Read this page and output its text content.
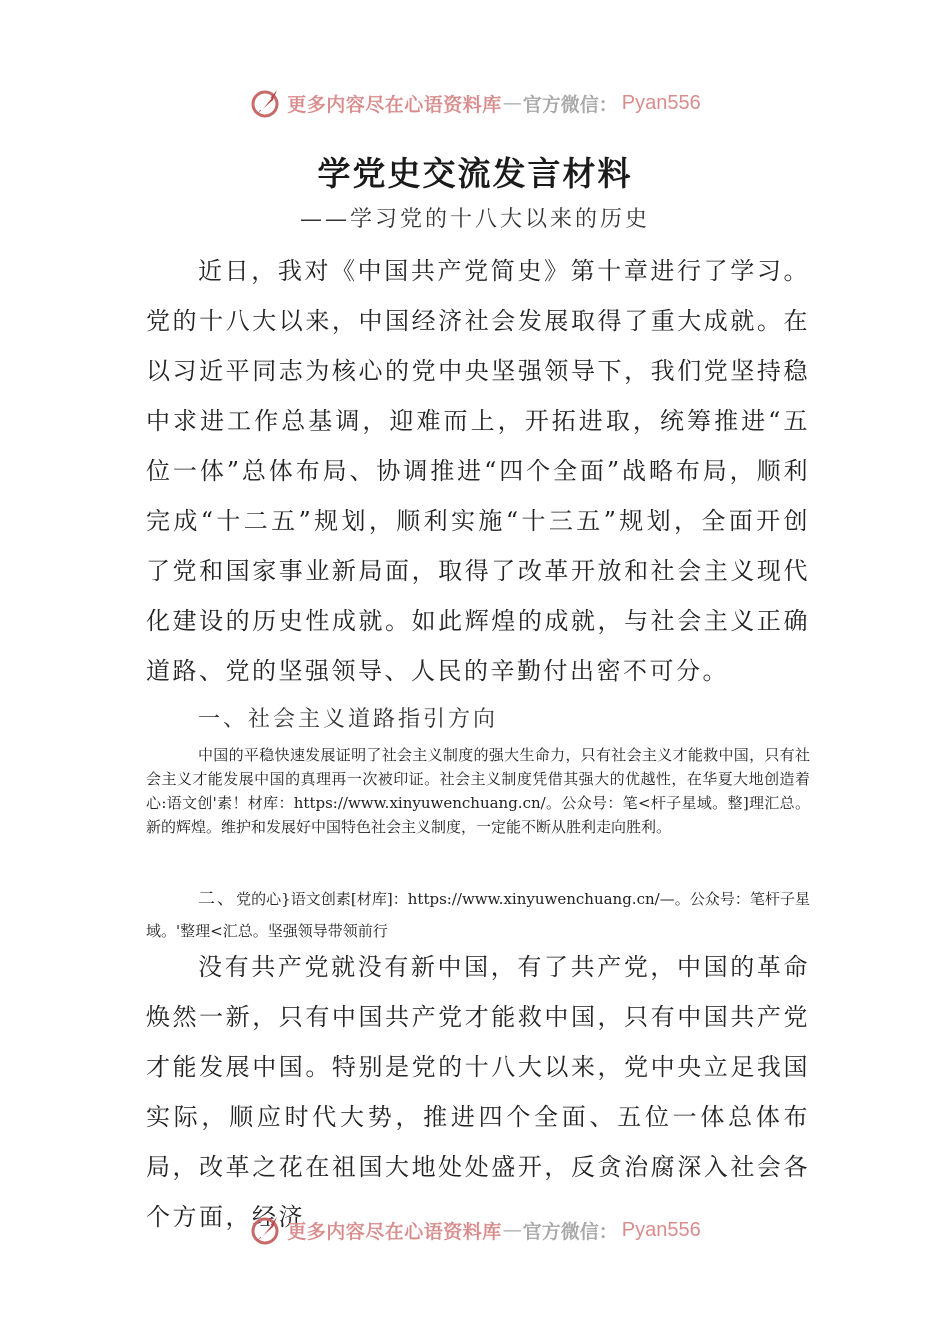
更多内容尽在心语资料库 — 官方微信： Pyan556
学党史交流发言材料
——学习党的十八大以来的历史

近日，我对《中国共产党简史》第十章进行了学习。党的十八大以来，中国经济社会发展取得了重大成就。在以习近平同志为核心的党中央坚强领导下，我们党坚持稳中求进工作总基调，迎难而上，开拓进取，统筹推进“五位一体”总体布局、协调推进“四个全面”战略布局，顺利完成“十二五”规划，顺利实施“十三五”规划，全面开创了党和国家事业新局面，取得了改革开放和社会主义现代化建设的历史性成就。如此辉煌的成就，与社会主义正确道路、党的坚强领导、人民的辛勤付出密不可分。

一、社会主义道路指引方向

中国的平稳快速发展证明了社会主义制度的强大生命力，只有社会主义才能救中国，只有社会主义才能发展中国的真理再一次被印证。社会主义制度凭借其强大的优越性，在华夏大地创造着心:语文创'素！材库：https://www.xinyuwenchuang.cn/。公众号：笔<杆子星域。整]理汇总。新的辉煌。维护和发展好中国特色社会主义制度，一定能不断从胜利走向胜利。

二、党的心}语文创素[材库]：https://www.xinyuwenchuang.cn/—。公众号：笔杆子星域。'整理<汇总。坚强领导带领前行

没有共产党就没有新中国，有了共产党，中国的革命焕然一新，只有中国共产党才能救中国，只有中国共产党才能发展中国。特别是党的十八大以来，党中央立足我国实际，顺应时代大势，推进四个全面、五位一体总体布局，改革之花在祖国大地处处盛开，反贪治腐深入社会各个方面，经济

更多内容尽在心语资料库 — 官方微信： Pyan556
